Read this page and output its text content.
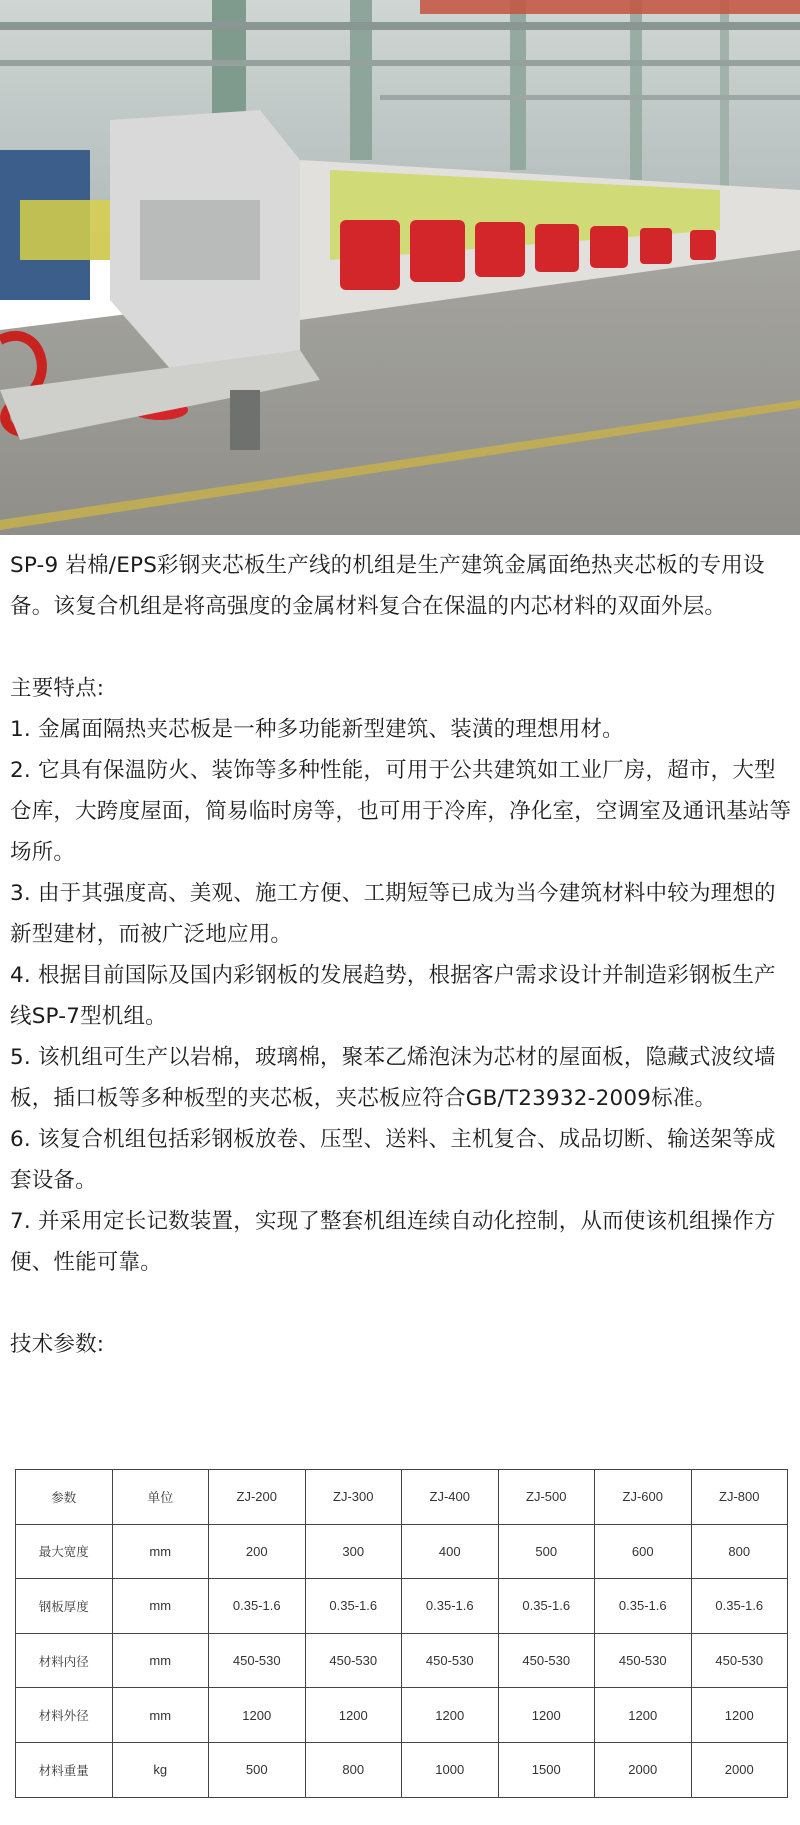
SP-9 岩棉/EPS彩钢夹芯板生产线的机组是生产建筑金属面绝热夹芯板的专用设备。该复合机组是将高强度的金属材料复合在保温的内芯材料的双面外层。

主要特点:

1. 金属面隔热夹芯板是一种多功能新型建筑、装潢的理想用材。

2. 它具有保温防火、装饰等多种性能，可用于公共建筑如工业厂房，超市，大型仓库，大跨度屋面，简易临时房等，也可用于冷库，净化室，空调室及通讯基站等场所。

3. 由于其强度高、美观、施工方便、工期短等已成为当今建筑材料中较为理想的新型建材，而被广泛地应用。

4. 根据目前国际及国内彩钢板的发展趋势，根据客户需求设计并制造彩钢板生产线SP-7型机组。

5. 该机组可生产以岩棉，玻璃棉，聚苯乙烯泡沫为芯材的屋面板，隐藏式波纹墙板，插口板等多种板型的夹芯板，夹芯板应符合GB/T23932-2009标准。

6. 该复合机组包括彩钢板放卷、压型、送料、主机复合、成品切断、输送架等成套设备。

7. 并采用定长记数装置，实现了整套机组连续自动化控制，从而使该机组操作方便、性能可靠。

技术参数:

参数	单位	ZJ-200	ZJ-300	ZJ-400	ZJ-500	ZJ-600	ZJ-800
最大宽度	mm	200	300	400	500	600	800
钢板厚度	mm	0.35-1.6	0.35-1.6	0.35-1.6	0.35-1.6	0.35-1.6	0.35-1.6
材料内径	mm	450-530	450-530	450-530	450-530	450-530	450-530
材料外径	mm	1200	1200	1200	1200	1200	1200
材料重量	kg	500	800	1000	1500	2000	2000
